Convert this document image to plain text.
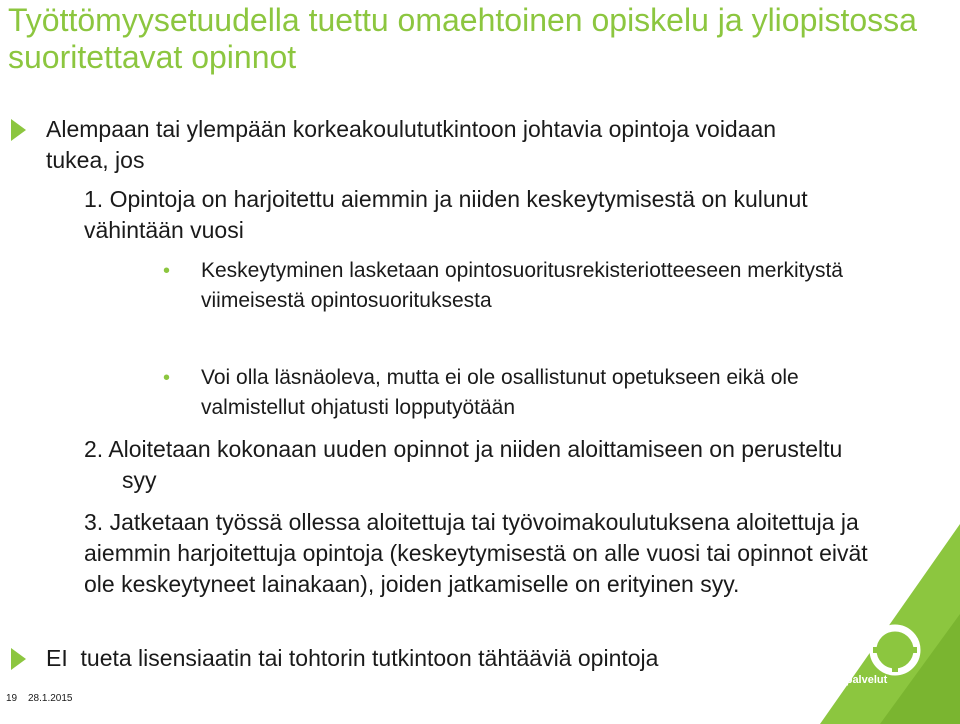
Työttömyysetuudella tuettu omaehtoinen opiskelu ja yliopistossa suoritettavat opinnot
Alempaan tai ylempään korkeakoulututkintoon johtavia opintoja voidaan tukea, jos

1. Opintoja on harjoitettu aiemmin ja niiden keskeytymisestä on kulunut vähintään vuosi

• Keskeytyminen lasketaan opintosuoritusrekisteriotteeseen merkitystä viimeisestä opintosuorituksesta
• Voi olla läsnäoleva, mutta ei ole osallistunut opetukseen eikä ole valmistellut ohjatusti lopputyötään

2. Aloitetaan kokonaan uuden opinnot ja niiden aloittamiseen on perusteltu syy

3. Jatketaan työssä ollessa aloitettuja tai työvoimakoulutuksena aloitettuja ja aiemmin harjoitettuja opintoja (keskeytymisestä on alle vuosi tai opinnot eivät ole keskeytyneet lainakaan), joiden jatkamiselle on erityinen syy.

EI  tueta lisensiaatin tai tohtorin tutkintoon tähtääviä opintoja
19 28.1.2015
TE-palvelut
